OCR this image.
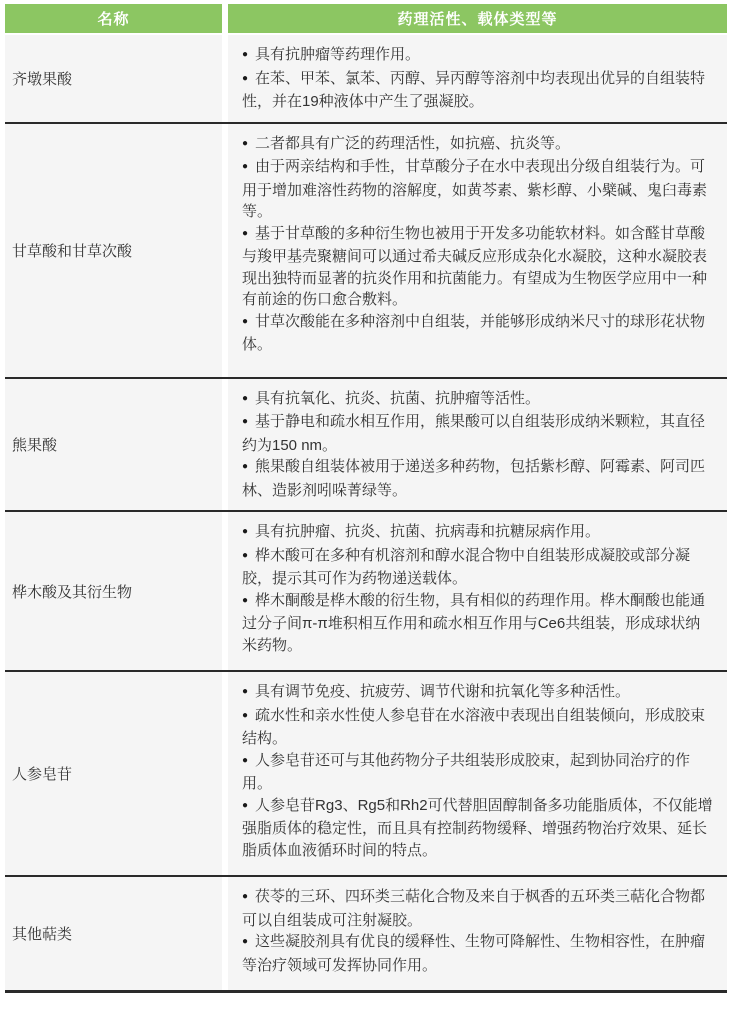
名称	药理活性、载体类型等
齐墩果酸

● 具有抗肿瘤等药理作用。

● 在苯、甲苯、氯苯、丙醇、异丙醇等溶剂中均表现出优异的自组装特性，并在19种液体中产生了强凝胶。

甘草酸和甘草次酸

● 二者都具有广泛的药理活性，如抗癌、抗炎等。

● 由于两亲结构和手性，甘草酸分子在水中表现出分级自组装行为。可用于增加难溶性药物的溶解度，如黄芩素、紫杉醇、小檗碱、鬼臼毒素等。

● 基于甘草酸的多种衍生物也被用于开发多功能软材料。如含醛甘草酸与羧甲基壳聚糖间可以通过希夫碱反应形成杂化水凝胶，这种水凝胶表现出独特而显著的抗炎作用和抗菌能力。有望成为生物医学应用中一种有前途的伤口愈合敷料。

● 甘草次酸能在多种溶剂中自组装，并能够形成纳米尺寸的球形花状物体。

熊果酸

● 具有抗氧化、抗炎、抗菌、抗肿瘤等活性。

● 基于静电和疏水相互作用，熊果酸可以自组装形成纳米颗粒，其直径约为150 nm。

● 熊果酸自组装体被用于递送多种药物，包括紫杉醇、阿霉素、阿司匹林、造影剂吲哚菁绿等。

桦木酸及其衍生物

● 具有抗肿瘤、抗炎、抗菌、抗病毒和抗糖尿病作用。

● 桦木酸可在多种有机溶剂和醇水混合物中自组装形成凝胶或部分凝胶，提示其可作为药物递送载体。

● 桦木酮酸是桦木酸的衍生物，具有相似的药理作用。桦木酮酸也能通过分子间π-π堆积相互作用和疏水相互作用与Ce6共组装，形成球状纳米药物。

人参皂苷

● 具有调节免疫、抗疲劳、调节代谢和抗氧化等多种活性。

● 疏水性和亲水性使人参皂苷在水溶液中表现出自组装倾向，形成胶束结构。

● 人参皂苷还可与其他药物分子共组装形成胶束，起到协同治疗的作用。

● 人参皂苷Rg3、Rg5和Rh2可代替胆固醇制备多功能脂质体，不仅能增强脂质体的稳定性，而且具有控制药物缓释、增强药物治疗效果、延长脂质体血液循环时间的特点。

其他萜类

● 茯苓的三环、四环类三萜化合物及来自于枫香的五环类三萜化合物都可以自组装成可注射凝胶。

● 这些凝胶剂具有优良的缓释性、生物可降解性、生物相容性，在肿瘤等治疗领域可发挥协同作用。
